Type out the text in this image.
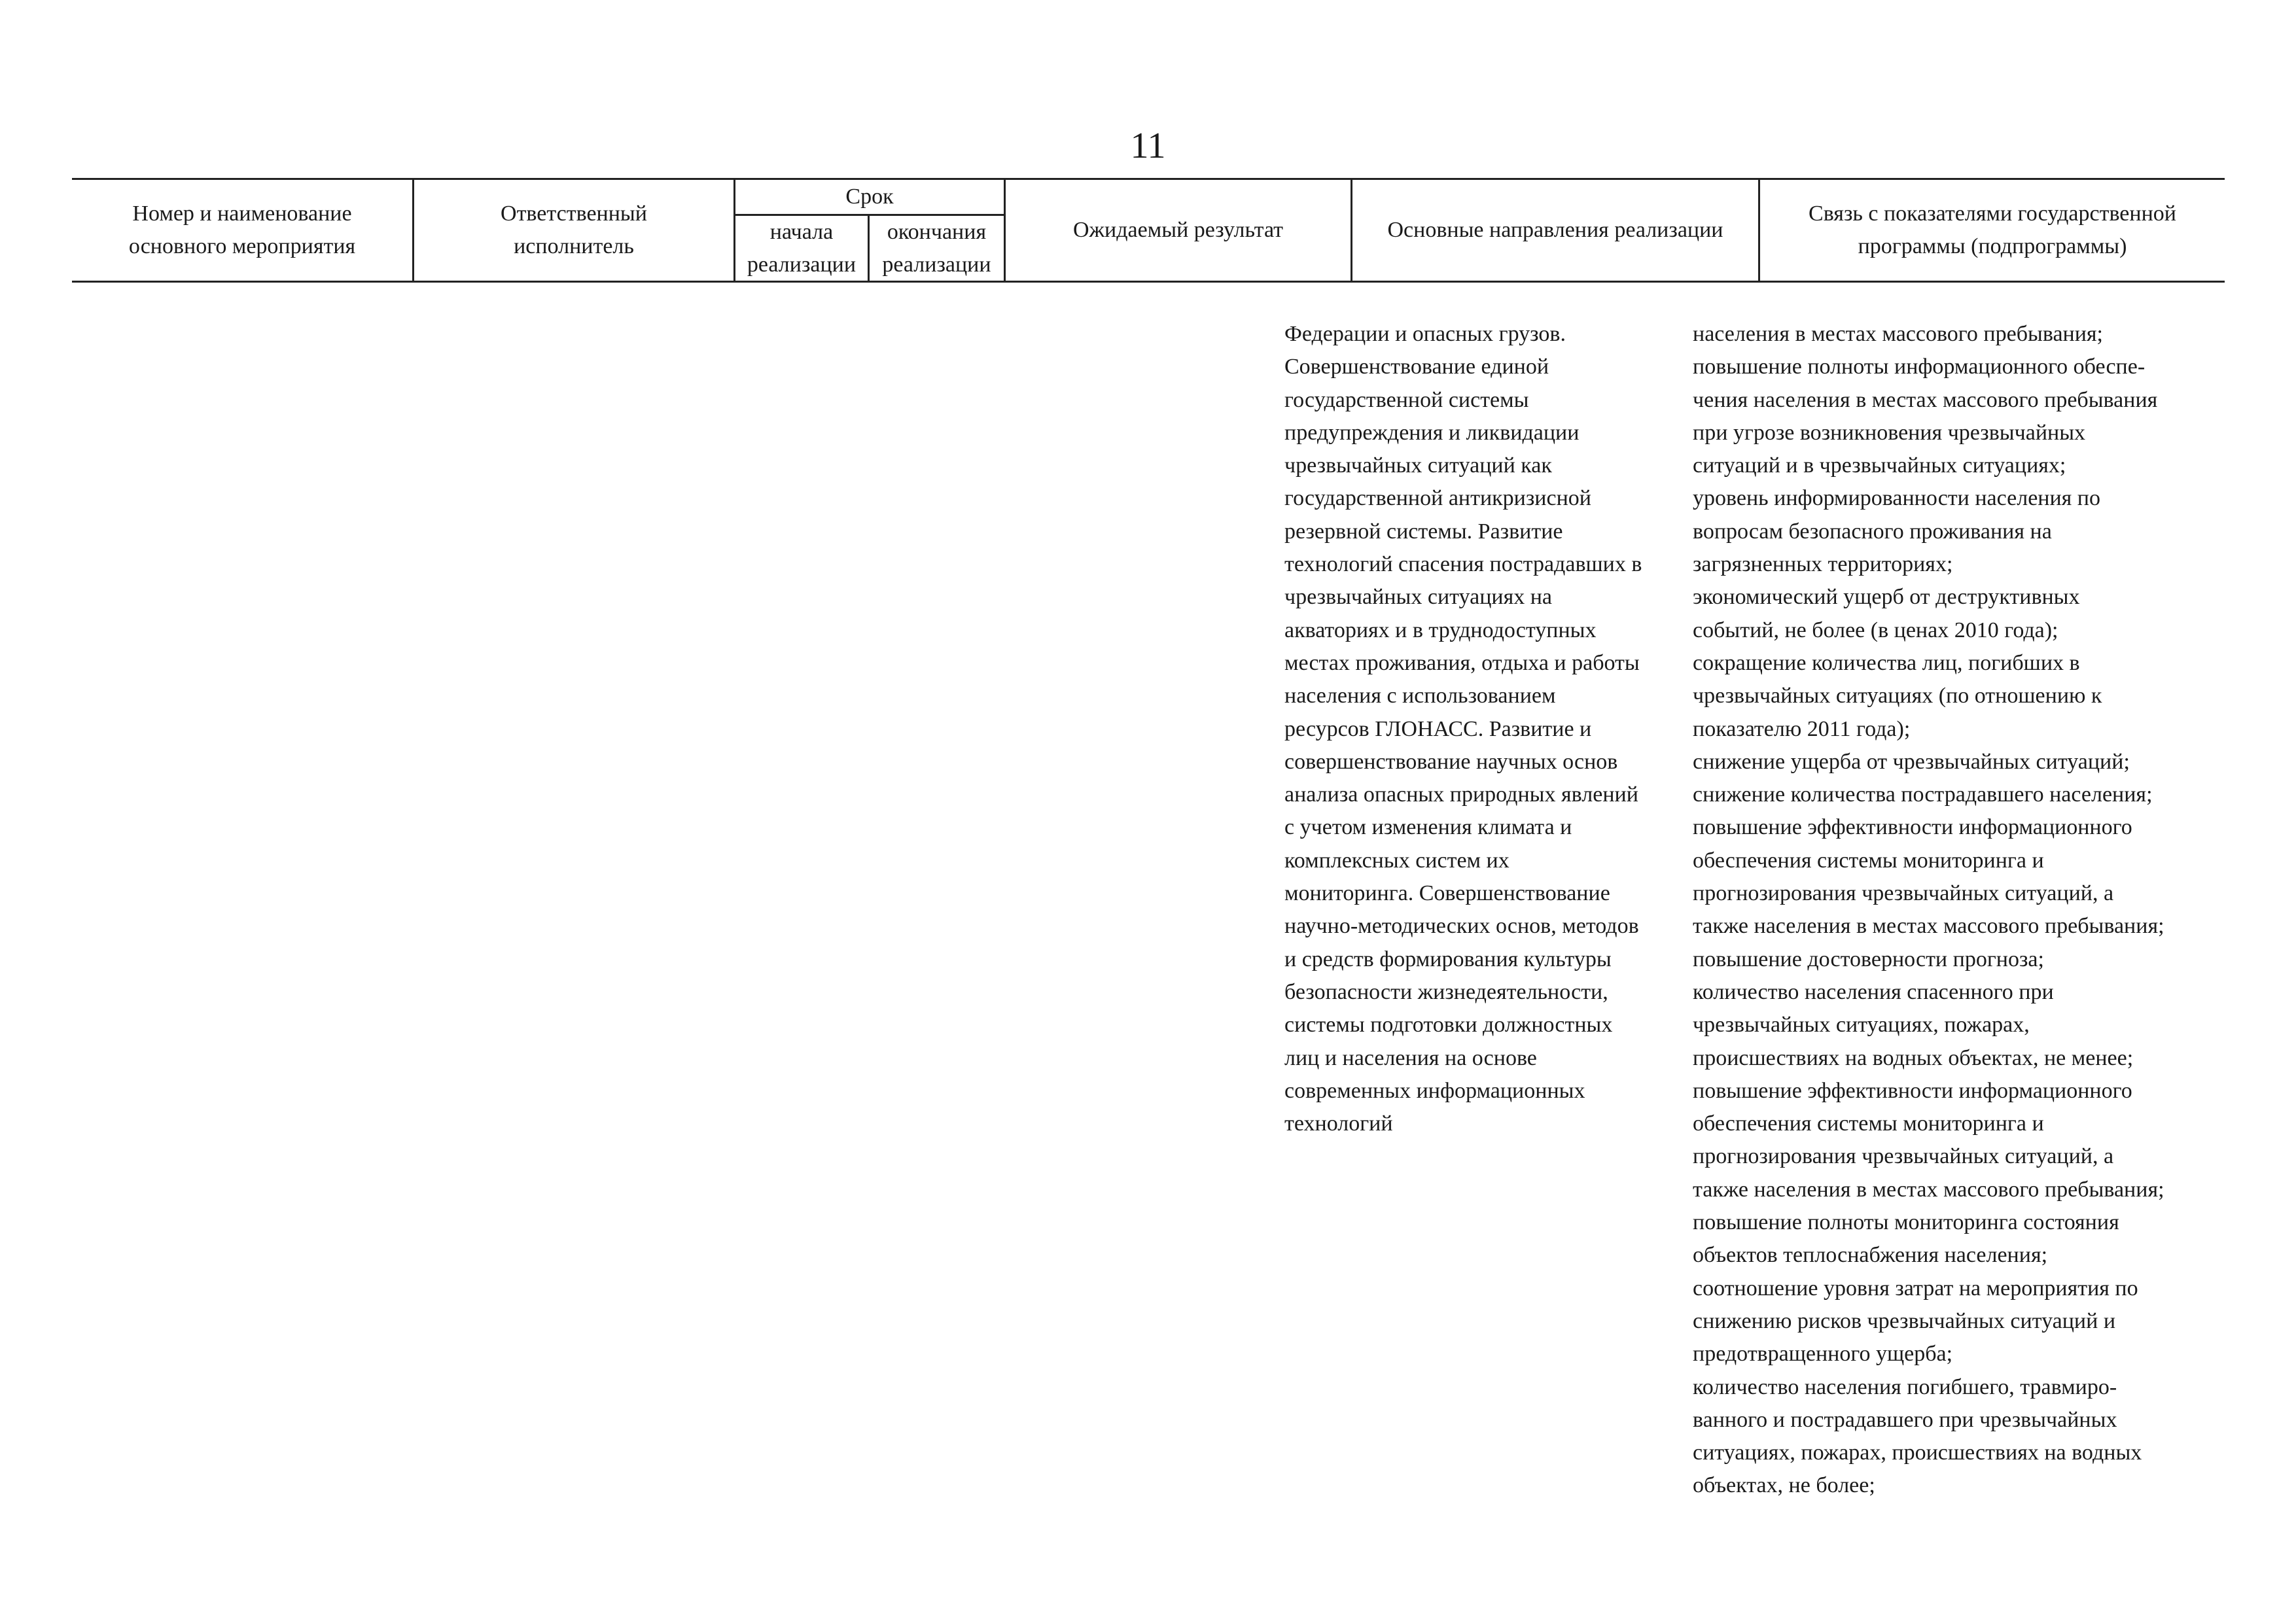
11
Номер и наименование
основного мероприятия
Ответственный
исполнитель
Срок
начала
реализации
окончания
реализации
Ожидаемый результат	Основные направления реализации
Связь с показателями государственной
программы (подпрограммы)
Федерации и опасных грузов.
Совершенствование единой
государственной системы
предупреждения и ликвидации
чрезвычайных ситуаций как
государственной антикризисной
резервной системы. Развитие
технологий спасения пострадавших в
чрезвычайных ситуациях на
акваториях и в труднодоступных
местах проживания, отдыха и работы
населения с использованием
ресурсов ГЛОНАСС. Развитие и
совершенствование научных основ
анализа опасных природных явлений
с учетом изменения климата и
комплексных систем их
мониторинга. Совершенствование
научно-методических основ, методов
и средств формирования культуры
безопасности жизнедеятельности,
системы подготовки должностных
лиц и населения на основе
современных информационных
технологий
населения в местах массового пребывания;
повышение полноты информационного обеспе-
чения населения в местах массового пребывания
при угрозе возникновения чрезвычайных
ситуаций и в чрезвычайных ситуациях;
уровень информированности населения по
вопросам безопасного проживания на
загрязненных территориях;
экономический ущерб от деструктивных
событий, не более (в ценах 2010 года);
сокращение количества лиц, погибших в
чрезвычайных ситуациях (по отношению к
показателю 2011 года);
снижение ущерба от чрезвычайных ситуаций;
снижение количества пострадавшего населения;
повышение эффективности информационного
обеспечения системы мониторинга и
прогнозирования чрезвычайных ситуаций, а
также населения в местах массового пребывания;
повышение достоверности прогноза;
количество населения спасенного при
чрезвычайных ситуациях, пожарах,
происшествиях на водных объектах, не менее;
повышение эффективности информационного
обеспечения системы мониторинга и
прогнозирования чрезвычайных ситуаций, а
также населения в местах массового пребывания;
повышение полноты мониторинга состояния
объектов теплоснабжения населения;
соотношение уровня затрат на мероприятия по
снижению рисков чрезвычайных ситуаций и
предотвращенного ущерба;
количество населения погибшего, травмиро-
ванного и пострадавшего при чрезвычайных
ситуациях, пожарах, происшествиях на водных
объектах, не более;
